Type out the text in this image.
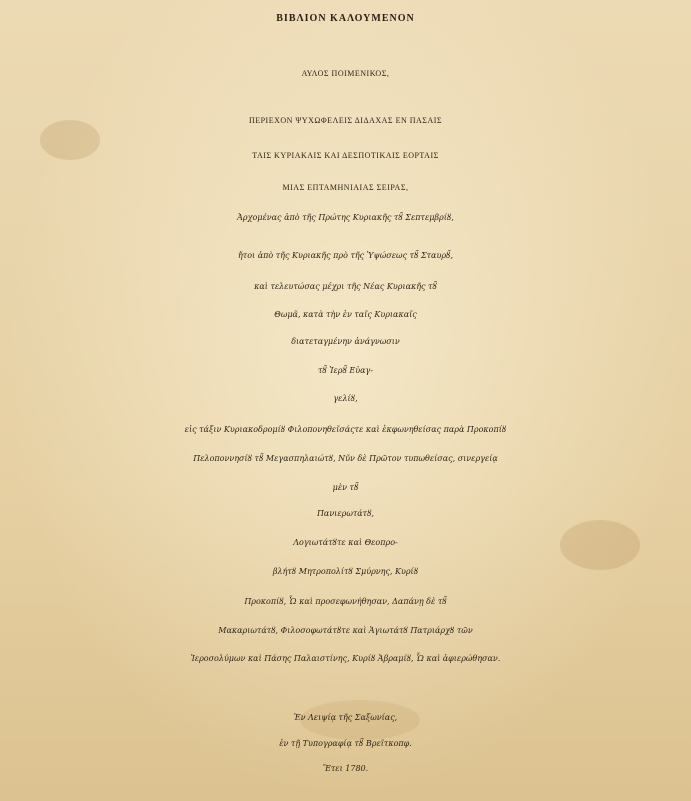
ΒΙΒΛΙΟΝ ΚΑΛΟΥΜΕΝΟΝ
ΑΥΛΟΣ ΠΟΙΜΕΝΙΚΟΣ,
ΠΕΡΙΕΧΟΝ ΨΥΧΩΦΕΛΕΙΣ ΔΙΔΑΧΑΣ ΕΝ ΠΑΣΑΙΣ
ΤΑΙΣ ΚΥΡΙΑΚΑΙΣ ΚΑΙ ΔΕΣΠΟΤΙΚΑΙΣ ΕΟΡΤΑΙΣ
ΜΙΑΣ ΕΠΤΑΜΗΝΙΑΙΑΣ ΣΕΙΡΑΣ,
Ἀρχομένας ἀπὸ τῆς Πρώτης Κυριακῆς τȣ̃ Σεπτεμβρίȣ,
ἤτοι ἀπὸ τῆς Κυριακῆς πρὸ τῆς Ὑψώσεως τȣ̃ Σταυρȣ̃,
καὶ τελευτώσας μέχρι τῆς Νέας Κυριακῆς τȣ̃
Θωμᾶ, κατὰ τὴν ἐν ταῖς Κυριακαῖς
διατεταγμένην ἀνάγνωσιν
τȣ̃ Ἱερȣ̃ Εὐαγ-
γελίȣ,
εἰς τάξιν Κυριακοδρομίȣ Φιλοπονηθεῖσάςτε καὶ ἐκφωνηθείσας παρὰ Προκοπίȣ
Πελοποννησίȣ τȣ̃ Μεγασπηλαιώτȣ, Νῦν δὲ Πρῶτον τυπωθείσας, σινεργείᾳ
μὲν τȣ̃
Πανιερωτάτȣ,
Λογιωτάτȣτε καὶ Θεοπρο-
βλήτȣ Μητροπολίτȣ Σμύρνης, Κυρίȣ
Προκοπίȣ, Ὧ καὶ προσεφωνήθησαν, Δαπάνῃ δὲ τȣ̃
Μακαριωτάτȣ, Φιλοσοφωτάτȣτε καὶ Ἁγιωτάτȣ Πατριάρχȣ τῶν
Ἱεροσολύμων καὶ Πάσης Παλαιστίνης, Κυρίȣ Ἀβραμίȣ, Ὧ καὶ ἀφιερώθησαν.
Ἐν Λειψίᾳ τῆς Σαξωνίας,
ἐν τῇ Τυπογραφίᾳ τȣ̃ Βρεϊτκοπφ.
Ἔτει 1780.
